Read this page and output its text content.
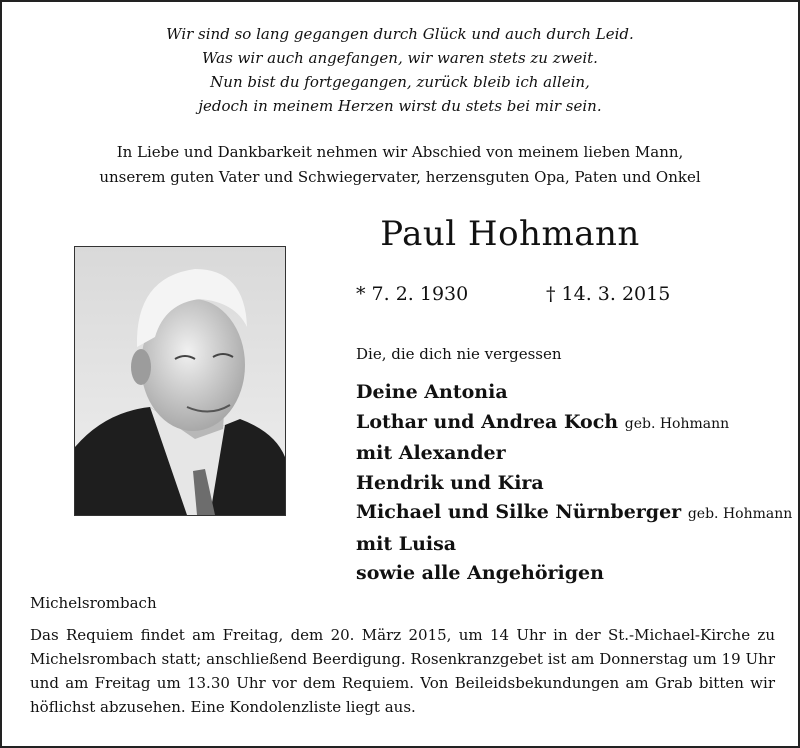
Wir sind so lang gegangen durch Glück und auch durch Leid.
Was wir auch angefangen, wir waren stets zu zweit.
Nun bist du fortgegangen, zurück bleib ich allein,
jedoch in meinem Herzen wirst du stets bei mir sein.
In Liebe und Dankbarkeit nehmen wir Abschied von meinem lieben Mann,
unserem guten Vater und Schwiegervater, herzensguten Opa, Paten und Onkel
Paul Hohmann
* 7. 2. 1930	† 14. 3. 2015
Die, die dich nie vergessen
Deine Antonia
Lothar und Andrea Koch geb. Hohmann
mit Alexander
Hendrik und Kira
Michael und Silke Nürnberger geb. Hohmann
mit Luisa
sowie alle Angehörigen
Michelsrombach
Das Requiem findet am Freitag, dem 20. März 2015, um 14 Uhr in der St.-Michael-Kirche zu Michelsrombach statt; anschließend Beerdigung. Rosenkranzgebet ist am Donnerstag um 19 Uhr und am Freitag um 13.30 Uhr vor dem Requiem. Von Beileidsbekundungen am Grab bitten wir höflichst abzusehen. Eine Kondolenzliste liegt aus.
